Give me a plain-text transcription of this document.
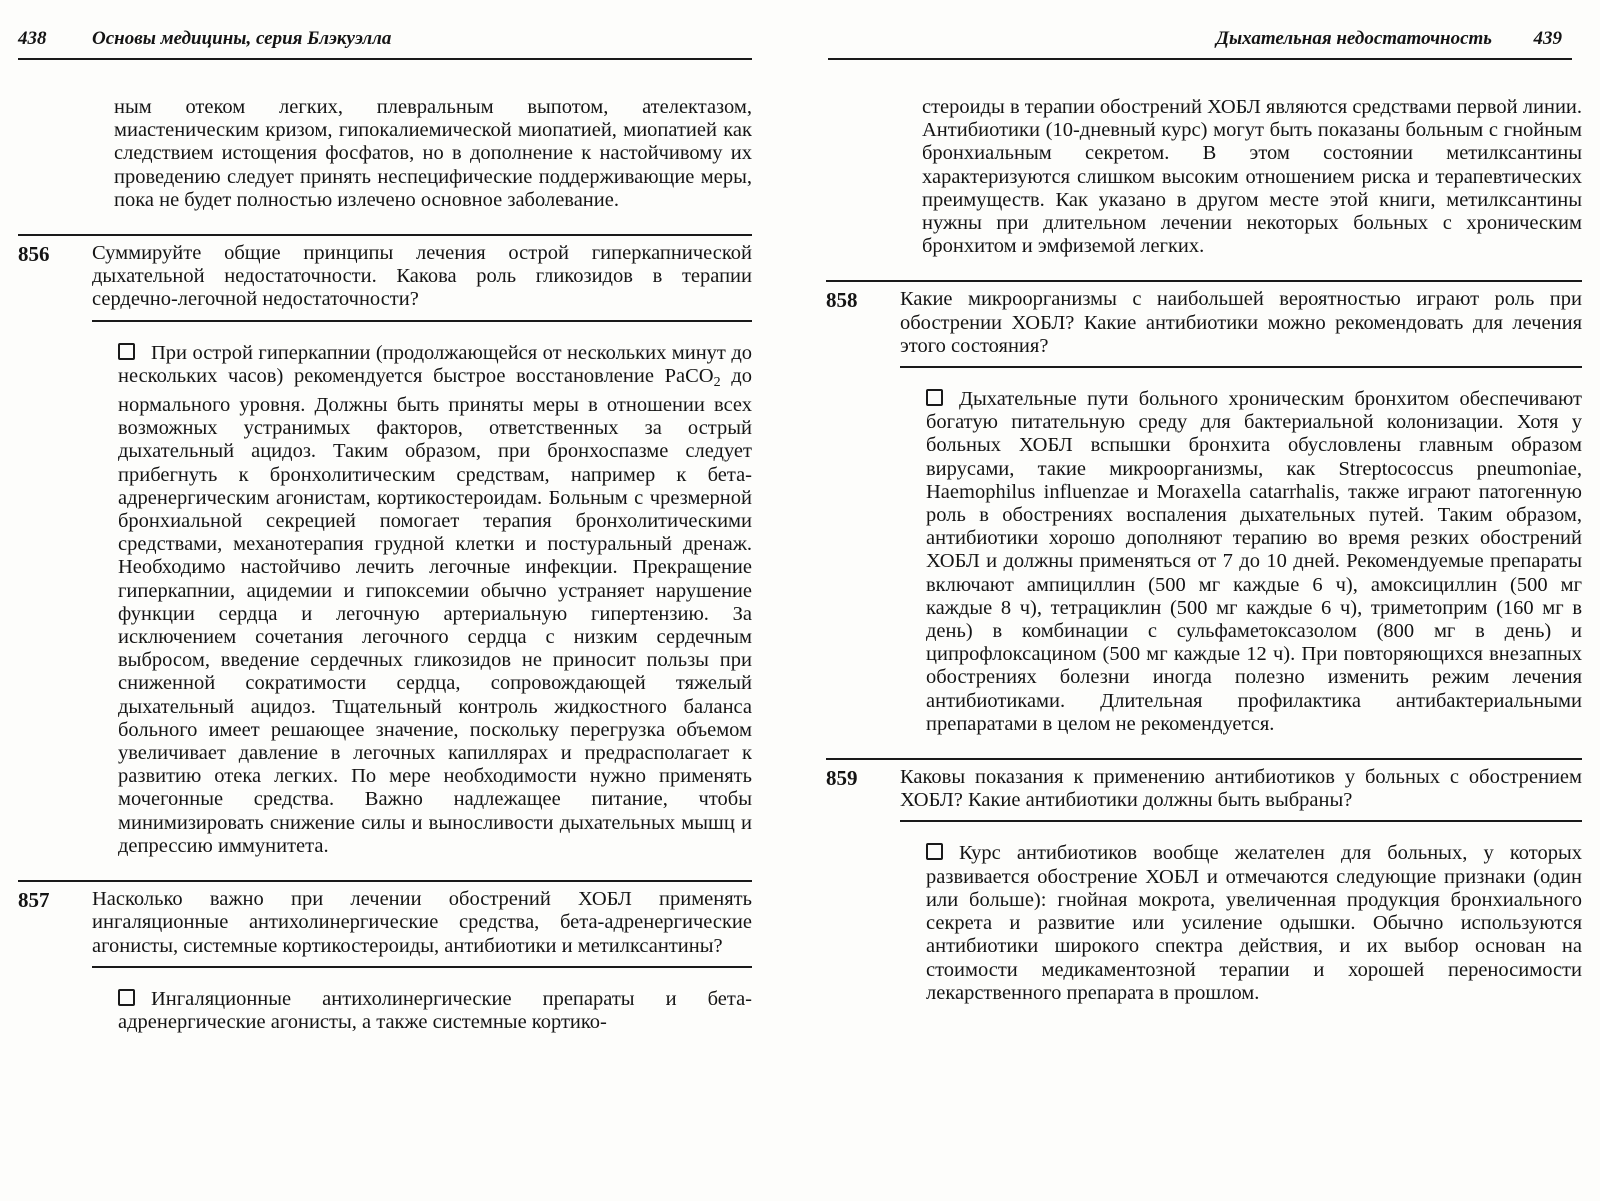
438 Основы медицины, серия Блэкуэлла

ным отеком легких, плевральным выпотом, ателектазом, миастеническим кризом, гипокалиемической миопатией, миопатией как следствием истощения фосфатов, но в дополнение к настойчивому их проведению следует принять неспецифические поддерживающие меры, пока не будет полностью излечено основное заболевание.

856 Суммируйте общие принципы лечения острой гиперкапнической дыхательной недостаточности. Какова роль гликозидов в терапии сердечно-легочной недостаточности?

При острой гиперкапнии (продолжающейся от нескольких минут до нескольких часов) рекомендуется быстрое восстановление PaCO$_2$ до нормального уровня. Должны быть приняты меры в отношении всех возможных устранимых факторов, ответственных за острый дыхательный ацидоз. Таким образом, при бронхоспазме следует прибегнуть к бронхолитическим средствам, например к бета-адренергическим агонистам, кортикостероидам. Больным с чрезмерной бронхиальной секрецией помогает терапия бронхолитическими средствами, механотерапия грудной клетки и постуральный дренаж. Необходимо настойчиво лечить легочные инфекции. Прекращение гиперкапнии, ацидемии и гипоксемии обычно устраняет нарушение функции сердца и легочную артериальную гипертензию. За исключением сочетания легочного сердца с низким сердечным выбросом, введение сердечных гликозидов не приносит пользы при сниженной сократимости сердца, сопровождающей тяжелый дыхательный ацидоз. Тщательный контроль жидкостного баланса больного имеет решающее значение, поскольку перегрузка объемом увеличивает давление в легочных капиллярах и предрасполагает к развитию отека легких. По мере необходимости нужно применять мочегонные средства. Важно надлежащее питание, чтобы минимизировать снижение силы и выносливости дыхательных мышц и депрессию иммунитета.

857 Насколько важно при лечении обострений ХОБЛ применять ингаляционные антихолинергические средства, бета-адренергические агонисты, системные кортикостероиды, антибиотики и метилксантины?

Ингаляционные антихолинергические препараты и бета-адренергические агонисты, а также системные кортико-

Дыхательная недостаточность 439

стероиды в терапии обострений ХОБЛ являются средствами первой линии. Антибиотики (10-дневный курс) могут быть показаны больным с гнойным бронхиальным секретом. В этом состоянии метилксантины характеризуются слишком высоким отношением риска и терапевтических преимуществ. Как указано в другом месте этой книги, метилксантины нужны при длительном лечении некоторых больных с хроническим бронхитом и эмфиземой легких.

858 Какие микроорганизмы с наибольшей вероятностью играют роль при обострении ХОБЛ? Какие антибиотики можно рекомендовать для лечения этого состояния?

Дыхательные пути больного хроническим бронхитом обеспечивают богатую питательную среду для бактериальной колонизации. Хотя у больных ХОБЛ вспышки бронхита обусловлены главным образом вирусами, такие микроорганизмы, как Streptococcus pneumoniae, Haemophilus influenzae и Moraxella catarrhalis, также играют патогенную роль в обострениях воспаления дыхательных путей. Таким образом, антибиотики хорошо дополняют терапию во время резких обострений ХОБЛ и должны применяться от 7 до 10 дней. Рекомендуемые препараты включают ампициллин (500 мг каждые 6 ч), амоксициллин (500 мг каждые 8 ч), тетрациклин (500 мг каждые 6 ч), триметоприм (160 мг в день) в комбинации с сульфаметоксазолом (800 мг в день) и ципрофлоксацином (500 мг каждые 12 ч). При повторяющихся внезапных обострениях болезни иногда полезно изменить режим лечения антибиотиками. Длительная профилактика антибактериальными препаратами в целом не рекомендуется.

859 Каковы показания к применению антибиотиков у больных с обострением ХОБЛ? Какие антибиотики должны быть выбраны?

Курс антибиотиков вообще желателен для больных, у которых развивается обострение ХОБЛ и отмечаются следующие признаки (один или больше): гнойная мокрота, увеличенная продукция бронхиального секрета и развитие или усиление одышки. Обычно используются антибиотики широкого спектра действия, и их выбор основан на стоимости медикаментозной терапии и хорошей переносимости лекарственного препарата в прошлом.
